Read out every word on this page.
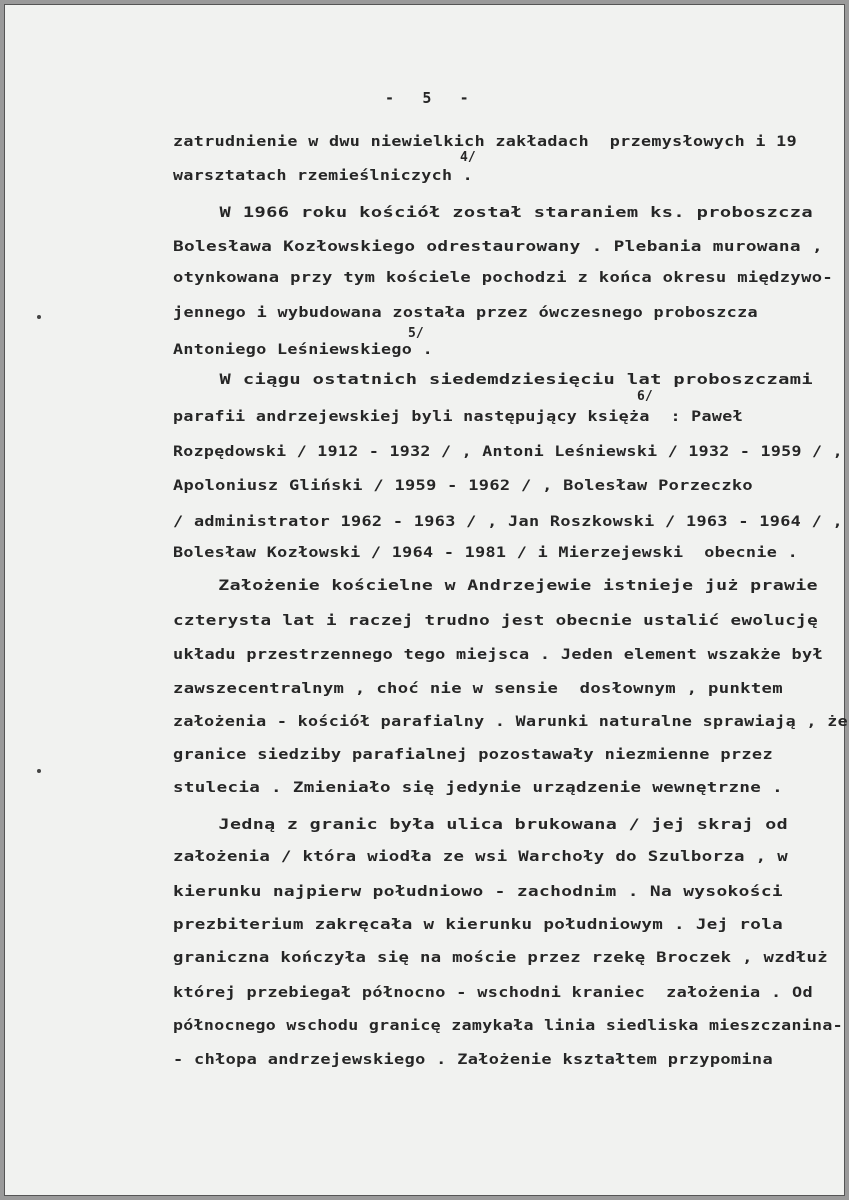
-   5   -
4/
5/
6/
zatrudnienie w dwu niewielkich zakładach  przemysłowych i 19
warsztatach rzemieślniczych .
W 1966 roku kościół został staraniem ks. proboszcza
Bolesława Kozłowskiego odrestaurowany . Plebania murowana ,
otynkowana przy tym kościele pochodzi z końca okresu międzywo-
jennego i wybudowana została przez ówczesnego proboszcza
Antoniego Leśniewskiego .
W ciągu ostatnich siedemdziesięciu lat proboszczami
parafii andrzejewskiej byli następujący księża  : Paweł
Rozpędowski / 1912 - 1932 / , Antoni Leśniewski / 1932 - 1959 / ,
Apoloniusz Gliński / 1959 - 1962 / , Bolesław Porzeczko
/ administrator 1962 - 1963 / , Jan Roszkowski / 1963 - 1964 / ,
Bolesław Kozłowski / 1964 - 1981 / i Mierzejewski  obecnie .
Założenie kościelne w Andrzejewie istnieje już prawie
czterysta lat i raczej trudno jest obecnie ustalić ewolucję
układu przestrzennego tego miejsca . Jeden element wszakże był
zawszecentralnym , choć nie w sensie  dosłownym , punktem
założenia - kościół parafialny . Warunki naturalne sprawiają , że
granice siedziby parafialnej pozostawały niezmienne przez
stulecia . Zmieniało się jedynie urządzenie wewnętrzne .
Jedną z granic była ulica brukowana / jej skraj od
założenia / która wiodła ze wsi Warchoły do Szulborza , w
kierunku najpierw południowo - zachodnim . Na wysokości
prezbiterium zakręcała w kierunku południowym . Jej rola
graniczna kończyła się na moście przez rzekę Broczek , wzdłuż
której przebiegał północno - wschodni kraniec  założenia . Od
północnego wschodu granicę zamykała linia siedliska mieszczanina-
- chłopa andrzejewskiego . Założenie kształtem przypomina
